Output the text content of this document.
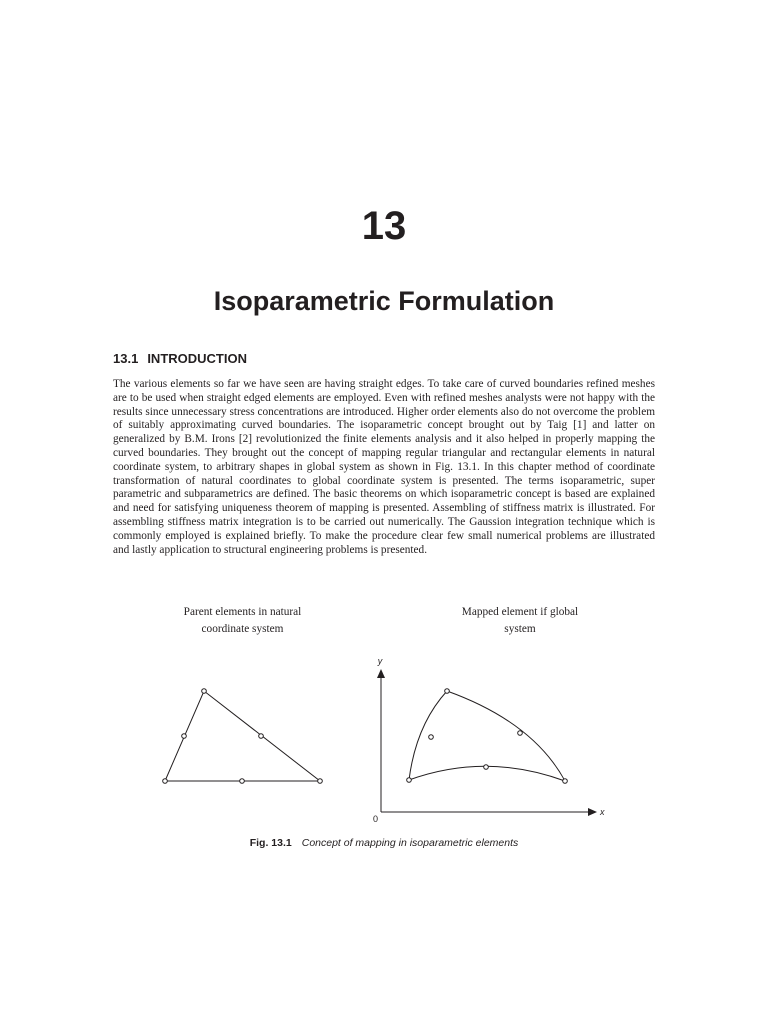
13
Isoparametric Formulation
13.1 INTRODUCTION

The various elements so far we have seen are having straight edges. To take care of curved boundaries refined meshes are to be used when straight edged elements are employed. Even with refined meshes analysts were not happy with the results since unnecessary stress concentrations are introduced. Higher order elements also do not overcome the problem of suitably approximating curved boundaries. The isoparametric concept brought out by Taig [1] and latter on generalized by B.M. Irons [2] revolutionized the finite elements analysis and it also helped in properly mapping the curved boundaries. They brought out the concept of mapping regular triangular and rectangular elements in natural coordinate system, to arbitrary shapes in global system as shown in Fig. 13.1. In this chapter method of coordinate transformation of natural coordinates to global coordinate system is presented. The terms isoparametric, super parametric and subparametrics are defined. The basic theorems on which isoparametric concept is based are explained and need for satisfying uniqueness theorem of mapping is presented. Assembling of stiffness matrix is illustrated. For assembling stiffness matrix integration is to be carried out numerically. The Gaussion integration technique which is commonly employed is explained briefly. To make the procedure clear few small numerical problems are illustrated and lastly application to structural engineering problems is presented.

Parent elements in natural
coordinate system
Mapped element if global
system
y
x
0
Fig. 13.1 Concept of mapping in isoparametric elements
